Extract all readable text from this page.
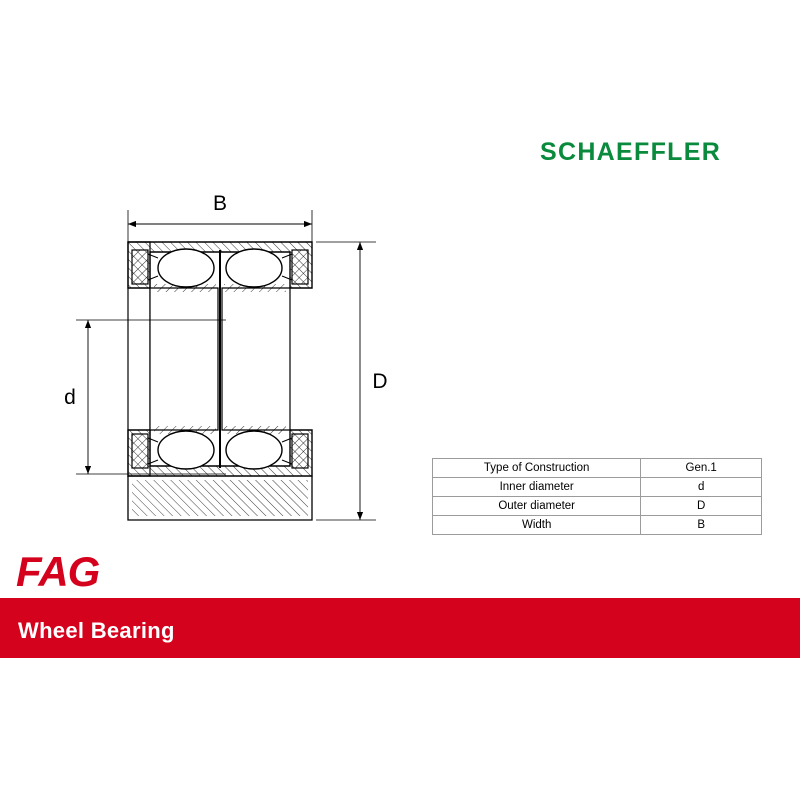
SCHAEFFLER
B
d
D
Type of Construction	Gen.1
Inner diameter	d
Outer diameter	D
Width	B
FAG
Wheel Bearing
